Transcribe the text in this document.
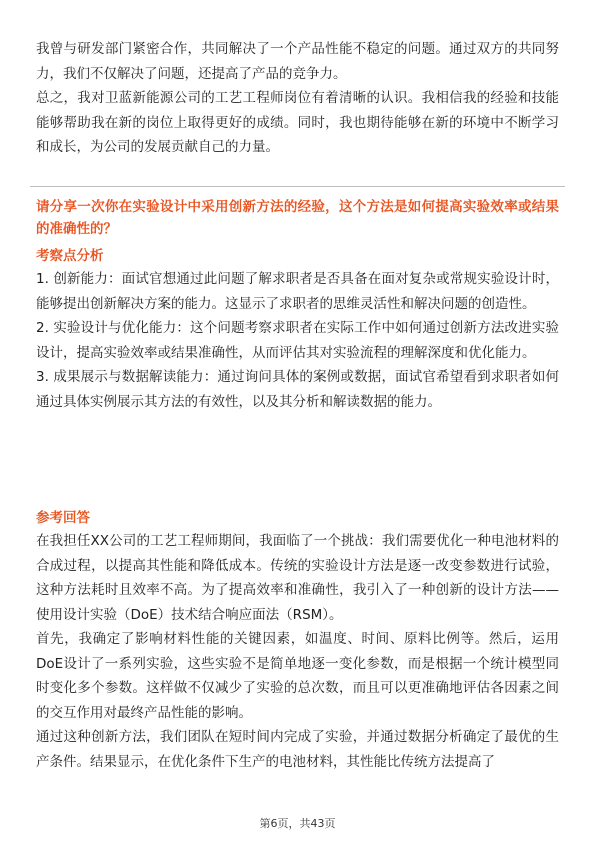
我曾与研发部门紧密合作，共同解决了一个产品性能不稳定的问题。通过双方的共同努力，我们不仅解决了问题，还提高了产品的竞争力。

总之，我对卫蓝新能源公司的工艺工程师岗位有着清晰的认识。我相信我的经验和技能能够帮助我在新的岗位上取得更好的成绩。同时，我也期待能够在新的环境中不断学习和成长，为公司的发展贡献自己的力量。

请分享一次你在实验设计中采用创新方法的经验，这个方法是如何提高实验效率或结果的准确性的？

考察点分析

1. 创新能力：面试官想通过此问题了解求职者是否具备在面对复杂或常规实验设计时，能够提出创新解决方案的能力。这显示了求职者的思维灵活性和解决问题的创造性。

2. 实验设计与优化能力：这个问题考察求职者在实际工作中如何通过创新方法改进实验设计，提高实验效率或结果准确性，从而评估其对实验流程的理解深度和优化能力。

3. 成果展示与数据解读能力：通过询问具体的案例或数据，面试官希望看到求职者如何通过具体实例展示其方法的有效性，以及其分析和解读数据的能力。

参考回答

在我担任XX公司的工艺工程师期间，我面临了一个挑战：我们需要优化一种电池材料的合成过程，以提高其性能和降低成本。传统的实验设计方法是逐一改变参数进行试验，这种方法耗时且效率不高。为了提高效率和准确性，我引入了一种创新的设计方法——使用设计实验（DoE）技术结合响应面法（RSM）。

首先，我确定了影响材料性能的关键因素，如温度、时间、原料比例等。然后，运用DoE设计了一系列实验，这些实验不是简单地逐一变化参数，而是根据一个统计模型同时变化多个参数。这样做不仅减少了实验的总次数，而且可以更准确地评估各因素之间的交互作用对最终产品性能的影响。

通过这种创新方法，我们团队在短时间内完成了实验，并通过数据分析确定了最优的生产条件。结果显示，在优化条件下生产的电池材料，其性能比传统方法提高了

第6页，共43页
